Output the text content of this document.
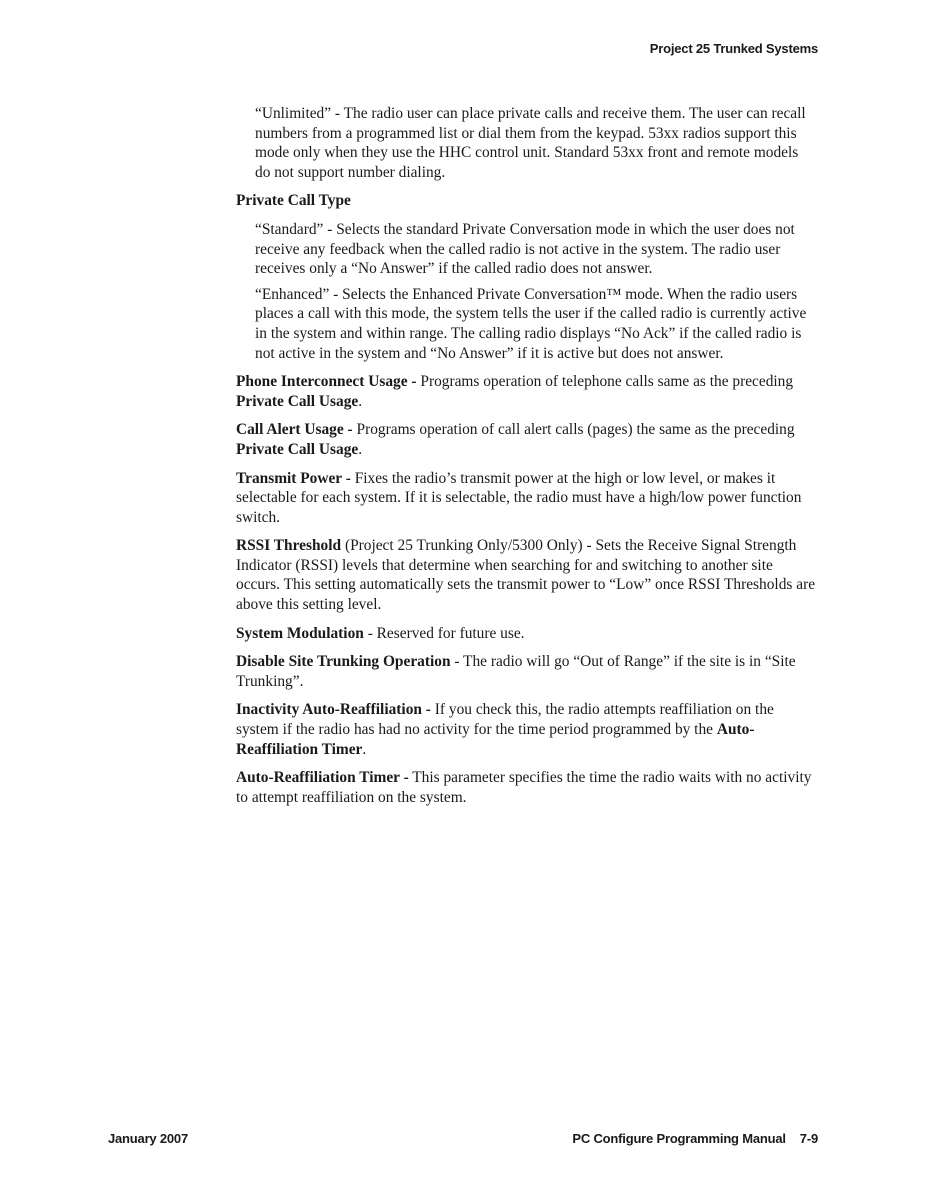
Project 25 Trunked Systems

“Unlimited” - The radio user can place private calls and receive them. The user can recall numbers from a programmed list or dial them from the keypad. 53xx radios support this mode only when they use the HHC control unit. Standard 53xx front and remote models do not support number dialing.

Private Call Type

“Standard” - Selects the standard Private Conversation mode in which the user does not receive any feedback when the called radio is not active in the system. The radio user receives only a “No Answer” if the called radio does not answer.

“Enhanced” - Selects the Enhanced Private Conversation™ mode. When the radio users places a call with this mode, the system tells the user if the called radio is currently active in the system and within range. The calling radio displays “No Ack” if the called radio is not active in the system and “No Answer” if it is active but does not answer.

Phone Interconnect Usage - Programs operation of telephone calls same as the preceding Private Call Usage.

Call Alert Usage - Programs operation of call alert calls (pages) the same as the preceding Private Call Usage.

Transmit Power - Fixes the radio’s transmit power at the high or low level, or makes it selectable for each system. If it is selectable, the radio must have a high/low power function switch.

RSSI Threshold (Project 25 Trunking Only/5300 Only) - Sets the Receive Signal Strength Indicator (RSSI) levels that determine when searching for and switching to another site occurs. This setting automatically sets the transmit power to “Low” once RSSI Thresholds are above this setting level.

System Modulation - Reserved for future use.

Disable Site Trunking Operation - The radio will go “Out of Range” if the site is in “Site Trunking”.

Inactivity Auto-Reaffiliation - If you check this, the radio attempts reaffiliation on the system if the radio has had no activity for the time period programmed by the Auto-Reaffiliation Timer.

Auto-Reaffiliation Timer - This parameter specifies the time the radio waits with no activity to attempt reaffiliation on the system.

January 2007	PC Configure Programming Manual 7-9
